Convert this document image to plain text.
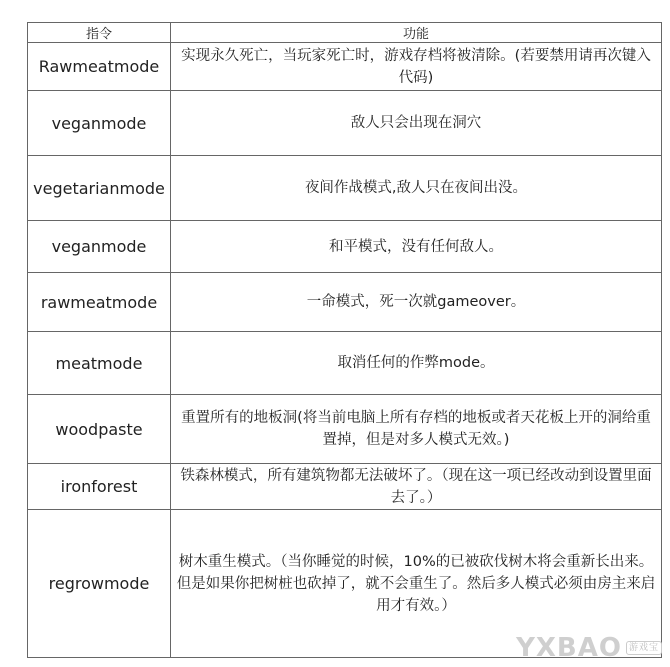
指令	功能
Rawmeatmode	实现永久死亡，当玩家死亡时，游戏存档将被清除。(若要禁用请再次键入代码)
veganmode	敌人只会出现在洞穴
vegetarianmode	夜间作战模式,敌人只在夜间出没。
veganmode	和平模式，没有任何敌人。
rawmeatmode	一命模式，死一次就gameover。
meatmode	取消任何的作弊mode。
woodpaste	重置所有的地板洞(将当前电脑上所有存档的地板或者天花板上开的洞给重置掉，但是对多人模式无效。)
ironforest	铁森林模式，所有建筑物都无法破坏了。（现在这一项已经改动到设置里面去了。）
regrowmode	树木重生模式。（当你睡觉的时候，10%的已被砍伐树木将会重新长出来。但是如果你把树桩也砍掉了，就不会重生了。然后多人模式必须由房主来启用才有效。）
YXBAO 游戏宝
